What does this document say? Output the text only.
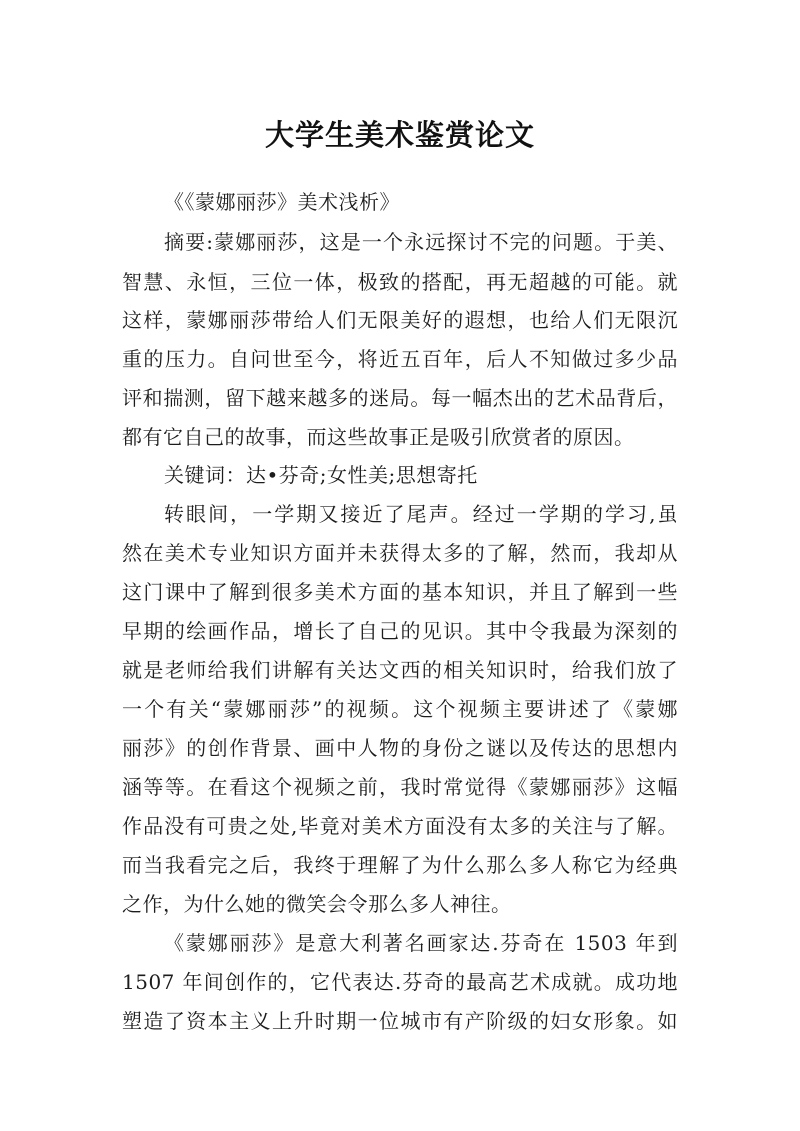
大学生美术鉴赏论文
《《蒙娜丽莎》美术浅析》
摘要:蒙娜丽莎，这是一个永远探讨不完的问题。于美、
智慧、永恒，三位一体，极致的搭配，再无超越的可能。就
这样，蒙娜丽莎带给人们无限美好的遐想，也给人们无限沉
重的压力。自问世至今，将近五百年，后人不知做过多少品
评和揣测，留下越来越多的迷局。每一幅杰出的艺术品背后，
都有它自己的故事，而这些故事正是吸引欣赏者的原因。
关键词：达•芬奇;女性美;思想寄托
转眼间，一学期又接近了尾声。经过一学期的学习,虽
然在美术专业知识方面并未获得太多的了解，然而，我却从
这门课中了解到很多美术方面的基本知识，并且了解到一些
早期的绘画作品，增长了自己的见识。其中令我最为深刻的
就是老师给我们讲解有关达文西的相关知识时，给我们放了
一个有关“蒙娜丽莎”的视频。这个视频主要讲述了《蒙娜
丽莎》的创作背景、画中人物的身份之谜以及传达的思想内
涵等等。在看这个视频之前，我时常觉得《蒙娜丽莎》这幅
作品没有可贵之处,毕竟对美术方面没有太多的关注与了解。
而当我看完之后，我终于理解了为什么那么多人称它为经典
之作，为什么她的微笑会令那么多人神往。
《蒙娜丽莎》是意大利著名画家达.芬奇在 1503 年到
1507 年间创作的，它代表达.芬奇的最高艺术成就。成功地
塑造了资本主义上升时期一位城市有产阶级的妇女形象。如
